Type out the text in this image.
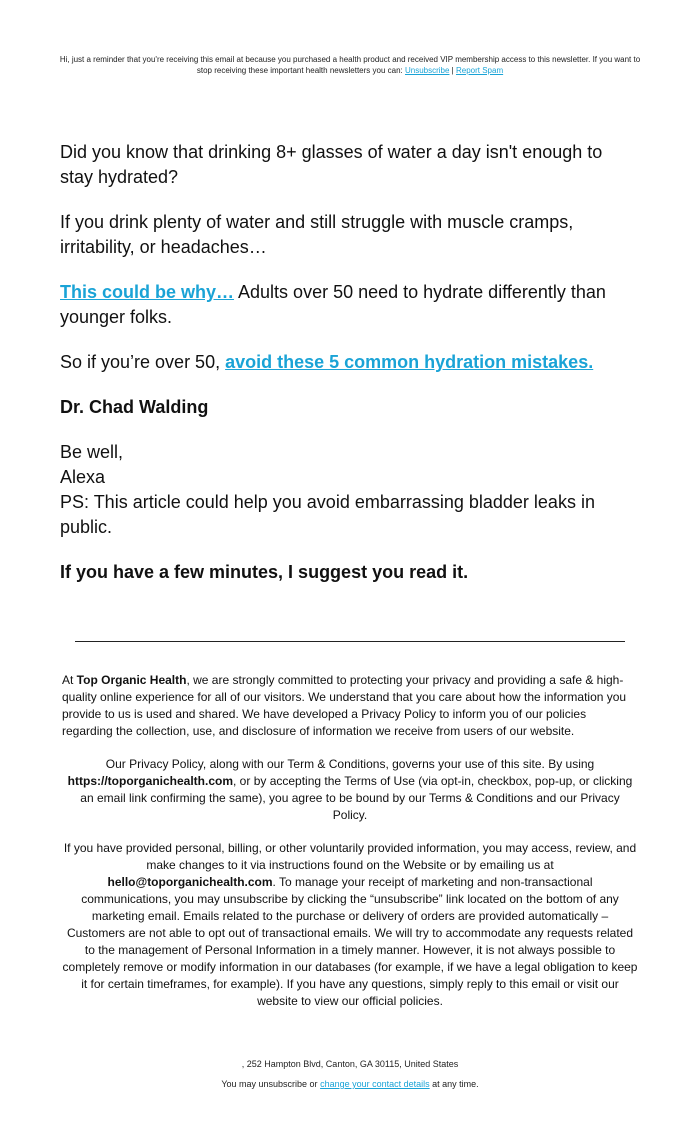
Hi, just a reminder that you're receiving this email at because you purchased a health product and received VIP membership access to this newsletter. If you want to stop receiving these important health newsletters you can: Unsubscribe | Report Spam

Did you know that drinking 8+ glasses of water a day isn't enough to stay hydrated?

If you drink plenty of water and still struggle with muscle cramps, irritability, or headaches…

This could be why… Adults over 50 need to hydrate differently than younger folks.

So if you’re over 50, avoid these 5 common hydration mistakes.

Dr. Chad Walding

Be well,
Alexa
PS: This article could help you avoid embarrassing bladder leaks in public.

If you have a few minutes, I suggest you read it.

At Top Organic Health, we are strongly committed to protecting your privacy and providing a safe & high-quality online experience for all of our visitors. We understand that you care about how the information you provide to us is used and shared. We have developed a Privacy Policy to inform you of our policies regarding the collection, use, and disclosure of information we receive from users of our website.
Our Privacy Policy, along with our Term & Conditions, governs your use of this site. By using https://toporganichealth.com, or by accepting the Terms of Use (via opt-in, checkbox, pop-up, or clicking an email link confirming the same), you agree to be bound by our Terms & Conditions and our Privacy Policy.
If you have provided personal, billing, or other voluntarily provided information, you may access, review, and make changes to it via instructions found on the Website or by emailing us at hello@toporganichealth.com. To manage your receipt of marketing and non-transactional communications, you may unsubscribe by clicking the “unsubscribe” link located on the bottom of any marketing email. Emails related to the purchase or delivery of orders are provided automatically – Customers are not able to opt out of transactional emails. We will try to accommodate any requests related to the management of Personal Information in a timely manner. However, it is not always possible to completely remove or modify information in our databases (for example, if we have a legal obligation to keep it for certain timeframes, for example). If you have any questions, simply reply to this email or visit our website to view our official policies.
, 252 Hampton Blvd, Canton, GA 30115, United States
You may unsubscribe or change your contact details at any time.
